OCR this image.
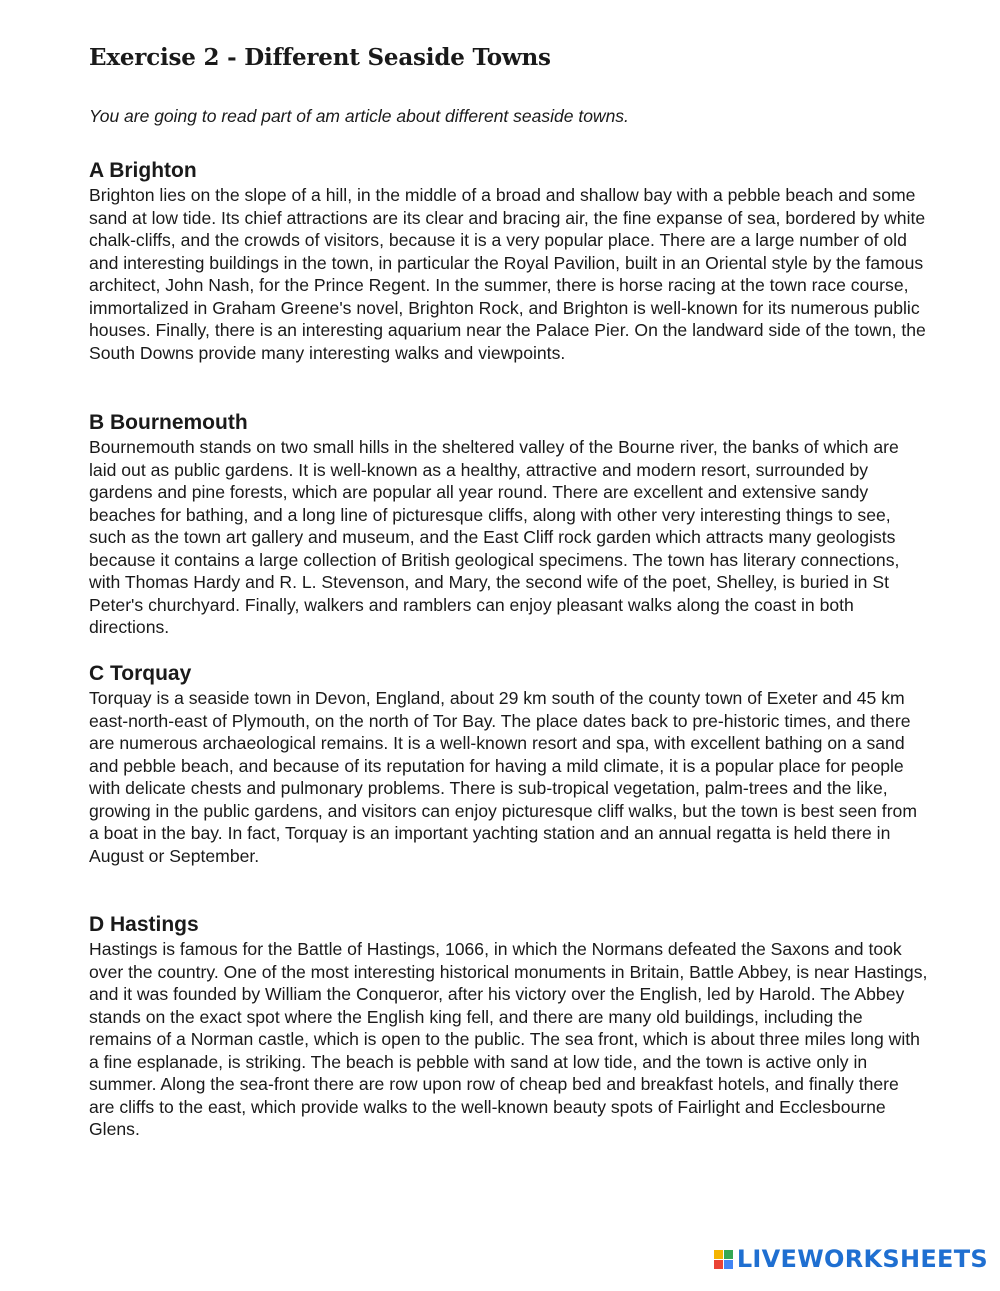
Exercise 2 - Different Seaside Towns

You are going to read part of am article about different seaside towns.

A Brighton

Brighton lies on the slope of a hill, in the middle of a broad and shallow bay with a pebble beach and some sand at low tide. Its chief attractions are its clear and bracing air, the fine expanse of sea, bordered by white chalk-cliffs, and the crowds of visitors, because it is a very popular place. There are a large number of old and interesting buildings in the town, in particular the Royal Pavilion, built in an Oriental style by the famous architect, John Nash, for the Prince Regent. In the summer, there is horse racing at the town race course, immortalized in Graham Greene's novel, Brighton Rock, and Brighton is well-known for its numerous public houses. Finally, there is an interesting aquarium near the Palace Pier. On the landward side of the town, the South Downs provide many interesting walks and viewpoints.

B Bournemouth

Bournemouth stands on two small hills in the sheltered valley of the Bourne river, the banks of which are laid out as public gardens. It is well-known as a healthy, attractive and modern resort, surrounded by gardens and pine forests, which are popular all year round. There are excellent and extensive sandy beaches for bathing, and a long line of picturesque cliffs, along with other very interesting things to see, such as the town art gallery and museum, and the East Cliff rock garden which attracts many geologists because it contains a large collection of British geological specimens. The town has literary connections, with Thomas Hardy and R. L. Stevenson, and Mary, the second wife of the poet, Shelley, is buried in St Peter's churchyard. Finally, walkers and ramblers can enjoy pleasant walks along the coast in both directions.

C Torquay

Torquay is a seaside town in Devon, England, about 29 km south of the county town of Exeter and 45 km east-north-east of Plymouth, on the north of Tor Bay. The place dates back to pre-historic times, and there are numerous archaeological remains. It is a well-known resort and spa, with excellent bathing on a sand and pebble beach, and because of its reputation for having a mild climate, it is a popular place for people with delicate chests and pulmonary problems. There is sub-tropical vegetation, palm-trees and the like, growing in the public gardens, and visitors can enjoy picturesque cliff walks, but the town is best seen from a boat in the bay. In fact, Torquay is an important yachting station and an annual regatta is held there in August or September.

D Hastings

Hastings is famous for the Battle of Hastings, 1066, in which the Normans defeated the Saxons and took over the country. One of the most interesting historical monuments in Britain, Battle Abbey, is near Hastings, and it was founded by William the Conqueror, after his victory over the English, led by Harold. The Abbey stands on the exact spot where the English king fell, and there are many old buildings, including the remains of a Norman castle, which is open to the public. The sea front, which is about three miles long with a fine esplanade, is striking. The beach is pebble with sand at low tide, and the town is active only in summer. Along the sea-front there are row upon row of cheap bed and breakfast hotels, and finally there are cliffs to the east, which provide walks to the well-known beauty spots of Fairlight and Ecclesbourne Glens.

LIVEWORKSHEETS
